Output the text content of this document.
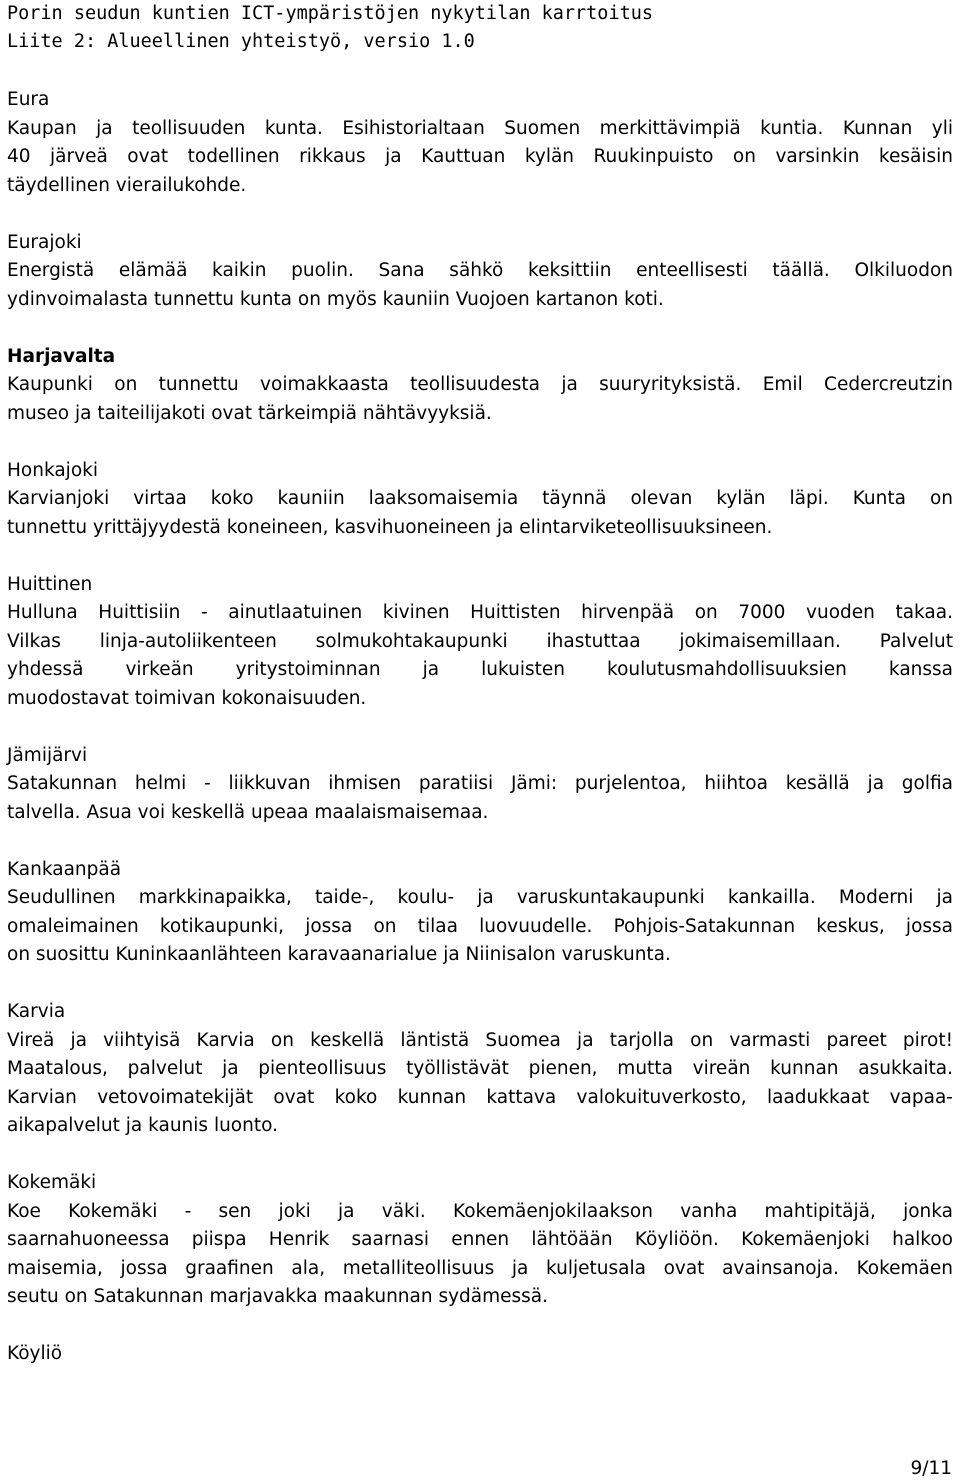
Porin seudun kuntien ICT-ympäristöjen nykytilan karrtoitus
Liite 2: Alueellinen yhteistyö, versio 1.0
Eura
Kaupan ja teollisuuden kunta. Esihistorialtaan Suomen merkittävimpiä kuntia. Kunnan yli
40 järveä ovat todellinen rikkaus ja Kauttuan kylän Ruukinpuisto on varsinkin kesäisin
täydellinen vierailukohde.
Eurajoki
Energistä elämää kaikin puolin. Sana sähkö keksittiin enteellisesti täällä. Olkiluodon
ydinvoimalasta tunnettu kunta on myös kauniin Vuojoen kartanon koti.
Harjavalta
Kaupunki on tunnettu voimakkaasta teollisuudesta ja suuryrityksistä. Emil Cedercreutzin
museo ja taiteilijakoti ovat tärkeimpiä nähtävyyksiä.
Honkajoki
Karvianjoki virtaa koko kauniin laaksomaisemia täynnä olevan kylän läpi. Kunta on
tunnettu yrittäjyydestä koneineen, kasvihuoneineen ja elintarviketeollisuuksineen.
Huittinen
Hulluna Huittisiin - ainutlaatuinen kivinen Huittisten hirvenpää on 7000 vuoden takaa.
Vilkas linja-autoliikenteen solmukohtakaupunki ihastuttaa jokimaisemillaan. Palvelut
yhdessä virkeän yritystoiminnan ja lukuisten koulutusmahdollisuuksien kanssa
muodostavat toimivan kokonaisuuden.
Jämijärvi
Satakunnan helmi - liikkuvan ihmisen paratiisi Jämi: purjelentoa, hiihtoa kesällä ja golfia
talvella. Asua voi keskellä upeaa maalaismaisemaa.
Kankaanpää
Seudullinen markkinapaikka, taide-, koulu- ja varuskuntakaupunki kankailla. Moderni ja
omaleimainen kotikaupunki, jossa on tilaa luovuudelle. Pohjois-Satakunnan keskus, jossa
on suosittu Kuninkaanlähteen karavaanarialue ja Niinisalon varuskunta.
Karvia
Vireä ja viihtyisä Karvia on keskellä läntistä Suomea ja tarjolla on varmasti pareet pirot!
Maatalous, palvelut ja pienteollisuus työllistävät pienen, mutta vireän kunnan asukkaita.
Karvian vetovoimatekijät ovat koko kunnan kattava valokuituverkosto, laadukkaat vapaa-
aikapalvelut ja kaunis luonto.
Kokemäki
Koe Kokemäki - sen joki ja väki. Kokemäenjokilaakson vanha mahtipitäjä, jonka
saarnahuoneessa piispa Henrik saarnasi ennen lähtöään Köyliöön. Kokemäenjoki halkoo
maisemia, jossa graafinen ala, metalliteollisuus ja kuljetusala ovat avainsanoja. Kokemäen
seutu on Satakunnan marjavakka maakunnan sydämessä.
Köyliö
9/11
